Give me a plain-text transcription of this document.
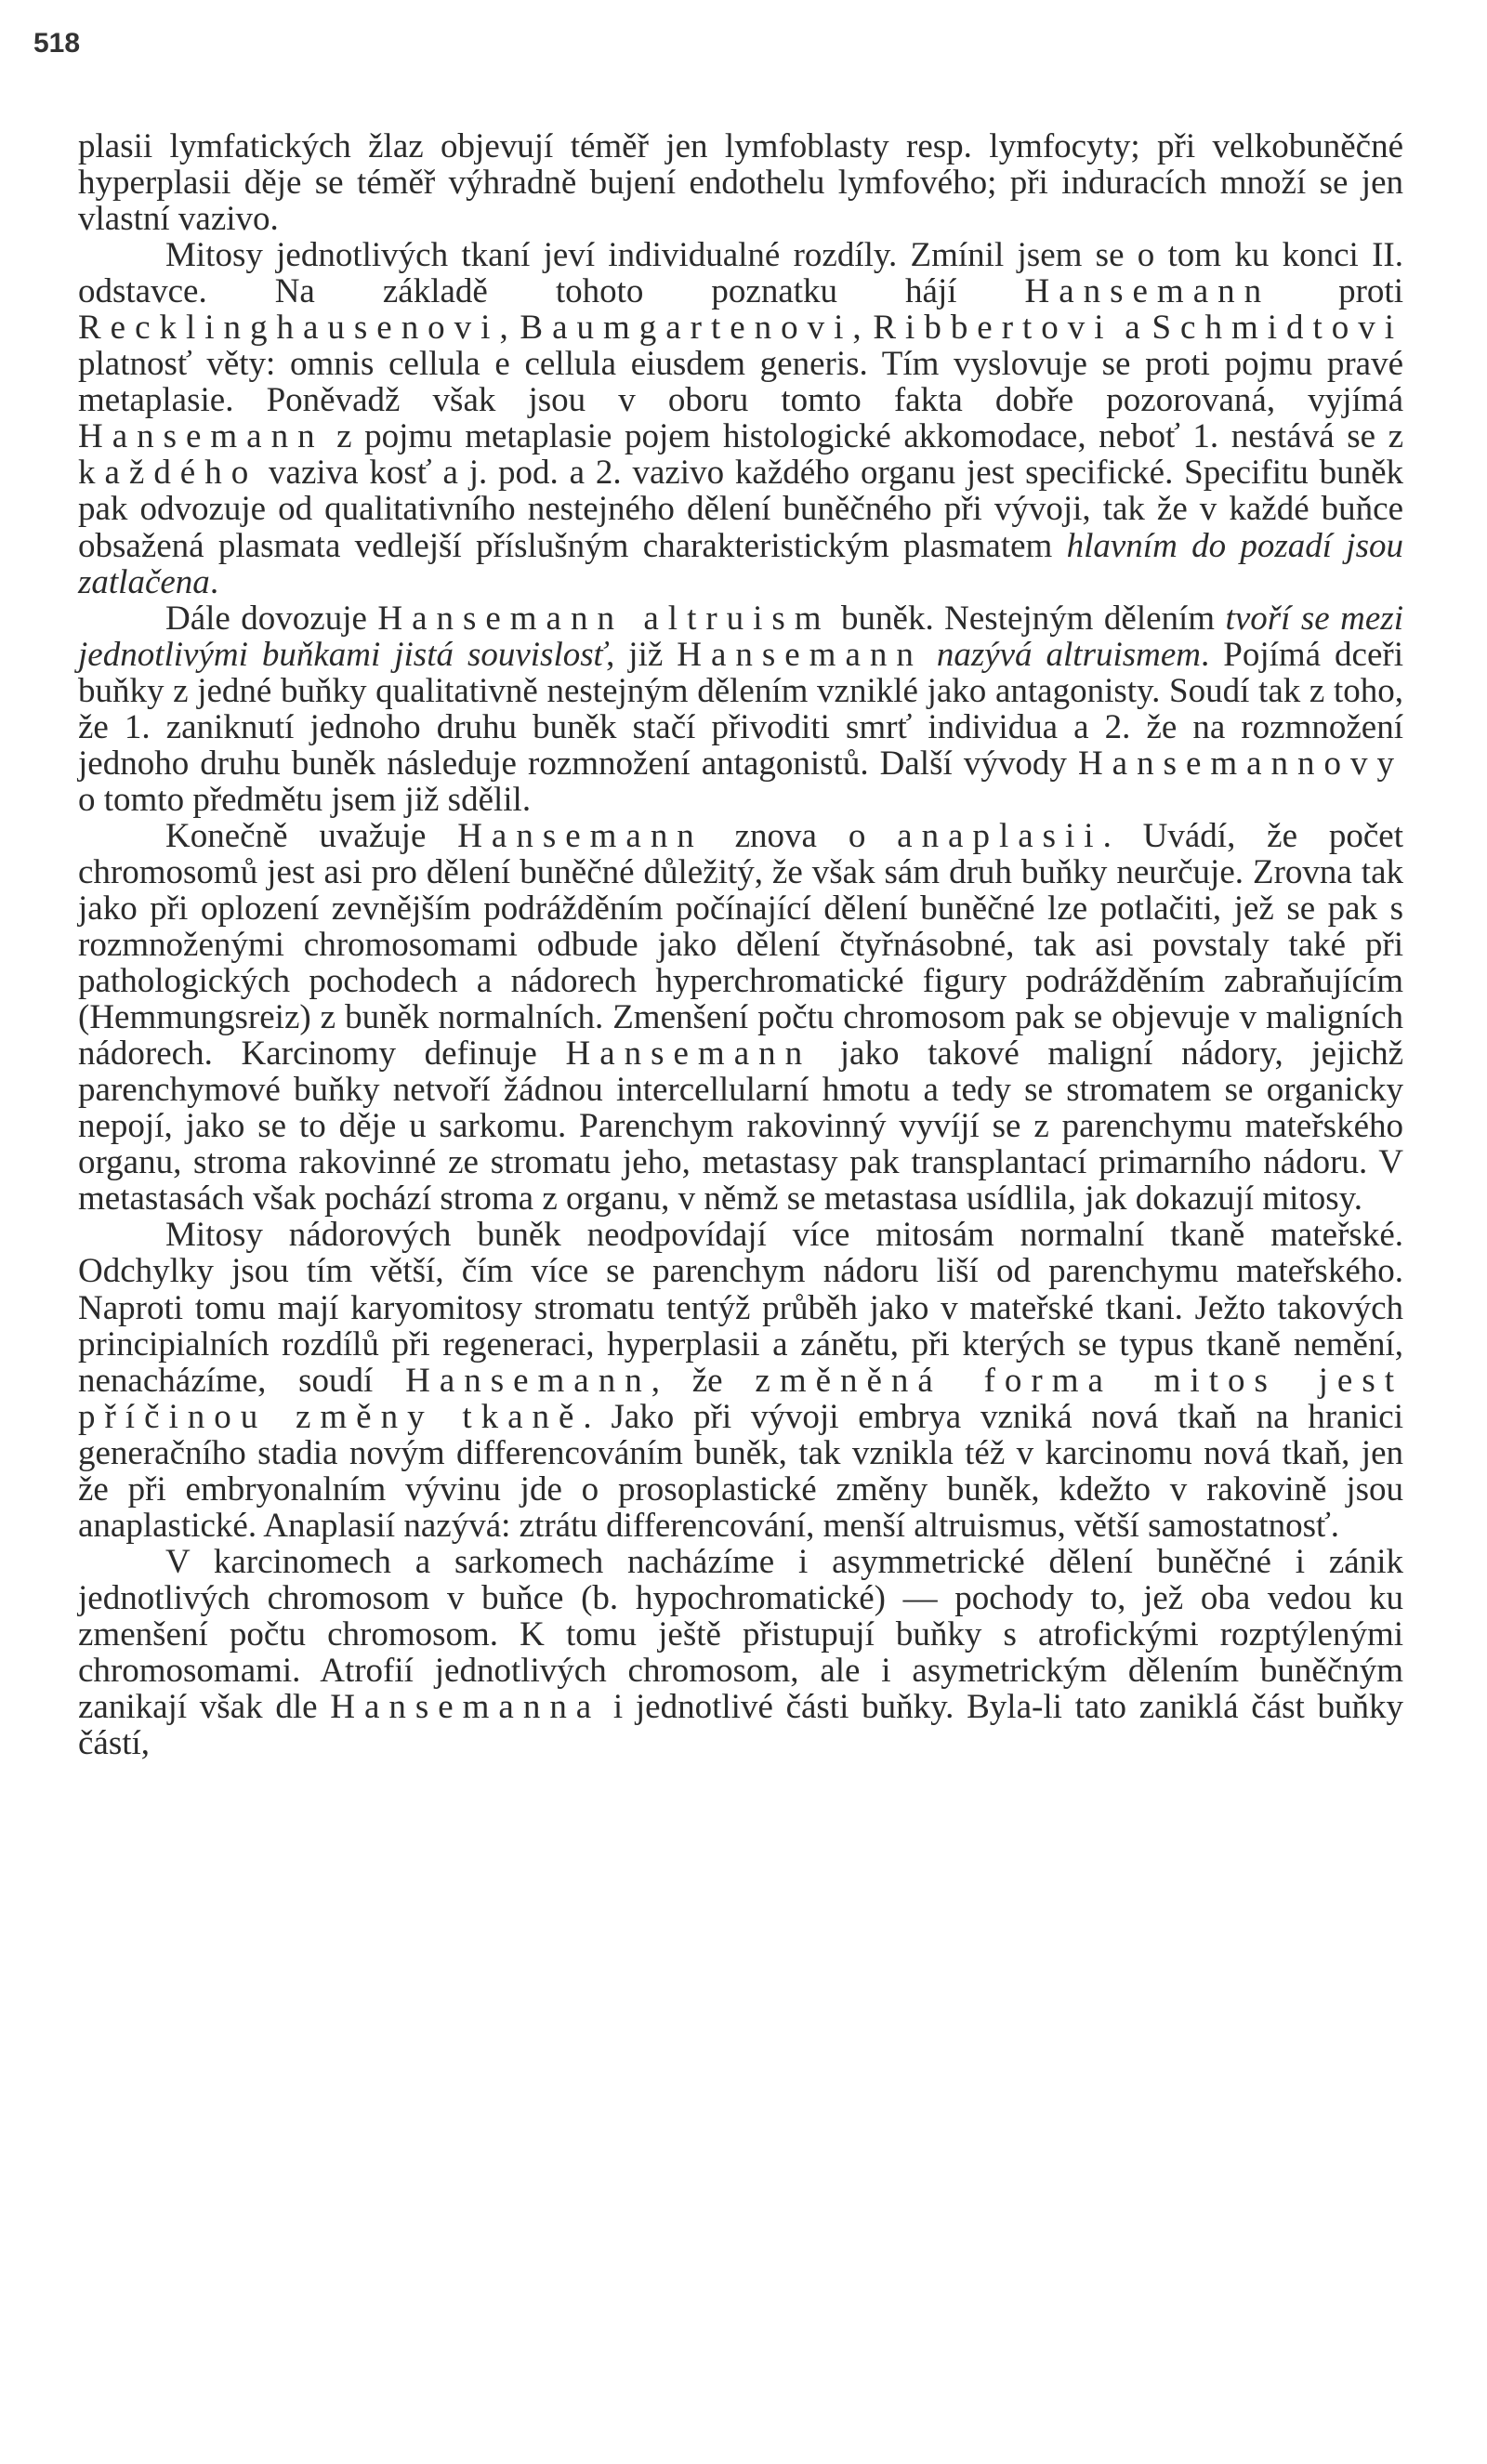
518

plasii lymfatických žlaz objevují téměř jen lymfoblasty resp. lymfocyty; při velkobuněčné hyperplasii děje se téměř výhradně bujení endothelu lymfového; při induracích množí se jen vlastní vazivo.

Mitosy jednotlivých tkaní jeví individualné rozdíly. Zmínil jsem se o tom ku konci II. odstavce. Na základě tohoto poznatku hájí Hansemann proti Recklinghausenovi, Baumgartenovi, Ribbertovi a Schmidtovi platnosť věty: omnis cellula e cellula eiusdem generis. Tím vyslovuje se proti pojmu pravé metaplasie. Poněvadž však jsou v oboru tomto fakta dobře pozorovaná, vyjímá Hansemann z pojmu metaplasie pojem histologické akkomodace, neboť 1. nestává se z každého vaziva kosť a j. pod. a 2. vazivo každého organu jest specifické. Specifitu buněk pak odvozuje od qualitativního nestejného dělení buněčného při vývoji, tak že v každé buňce obsažená plasmata vedlejší příslušným charakteristickým plasmatem hlavním do pozadí jsou zatlačena.

Dále dovozuje Hansemann altruism buněk. Nestejným dělením tvoří se mezi jednotlivými buňkami jistá souvislosť, již Hansemann nazývá altruismem. Pojímá dceři buňky z jedné buňky qualitativně nestejným dělením vzniklé jako antagonisty. Soudí tak z toho, že 1. zaniknutí jednoho druhu buněk stačí přivoditi smrť individua a 2. že na rozmnožení jednoho druhu buněk následuje rozmnožení antagonistů. Další vývody Hansemannovy o tomto předmětu jsem již sdělil.

Konečně uvažuje Hansemann znova o anaplasii. Uvádí, že počet chromosomů jest asi pro dělení buněčné důležitý, že však sám druh buňky neurčuje. Zrovna tak jako při oplození zevnějším podrážděním počínající dělení buněčné lze potlačiti, jež se pak s rozmnoženými chromosomami odbude jako dělení čtyřnásobné, tak asi povstaly také při pathologických pochodech a nádorech hyperchromatické figury podrážděním zabraňujícím (Hemmungsreiz) z buněk normalních. Zmenšení počtu chromosom pak se objevuje v maligních nádorech. Karcinomy definuje Hansemann jako takové maligní nádory, jejichž parenchymové buňky netvoří žádnou intercellularní hmotu a tedy se stromatem se organicky nepojí, jako se to děje u sarkomu. Parenchym rakovinný vyvíjí se z parenchymu mateřského organu, stroma rakovinné ze stromatu jeho, metastasy pak transplantací primarního nádoru. V metastasách však pochází stroma z organu, v němž se metastasa usídlila, jak dokazují mitosy.

Mitosy nádorových buněk neodpovídají více mitosám normalní tkaně mateřské. Odchylky jsou tím větší, čím více se parenchym nádoru liší od parenchymu mateřského. Naproti tomu mají karyomitosy stromatu tentýž průběh jako v mateřské tkani. Ježto takových principialních rozdílů při regeneraci, hyperplasii a zánětu, při kterých se typus tkaně nemění, nenacházíme, soudí Hansemann, že změněná forma mitos jest příčinou změny tkaně. Jako při vývoji embrya vzniká nová tkaň na hranici generačního stadia novým differencováním buněk, tak vznikla též v karcinomu nová tkaň, jen že při embryonalním vývinu jde o prosoplastické změny buněk, kdežto v rakovině jsou anaplastické. Anaplasií nazývá: ztrátu differencování, menší altruismus, větší samostatnosť.

V karcinomech a sarkomech nacházíme i asymmetrické dělení buněčné i zánik jednotlivých chromosom v buňce (b. hypochromatické) — pochody to, jež oba vedou ku zmenšení počtu chromosom. K tomu ještě přistupují buňky s atrofickými rozptýlenými chromosomami. Atrofií jednotlivých chromosom, ale i asymetrickým dělením buněčným zanikají však dle Hansemanna i jednotlivé části buňky. Byla-li tato zaniklá část buňky částí,
